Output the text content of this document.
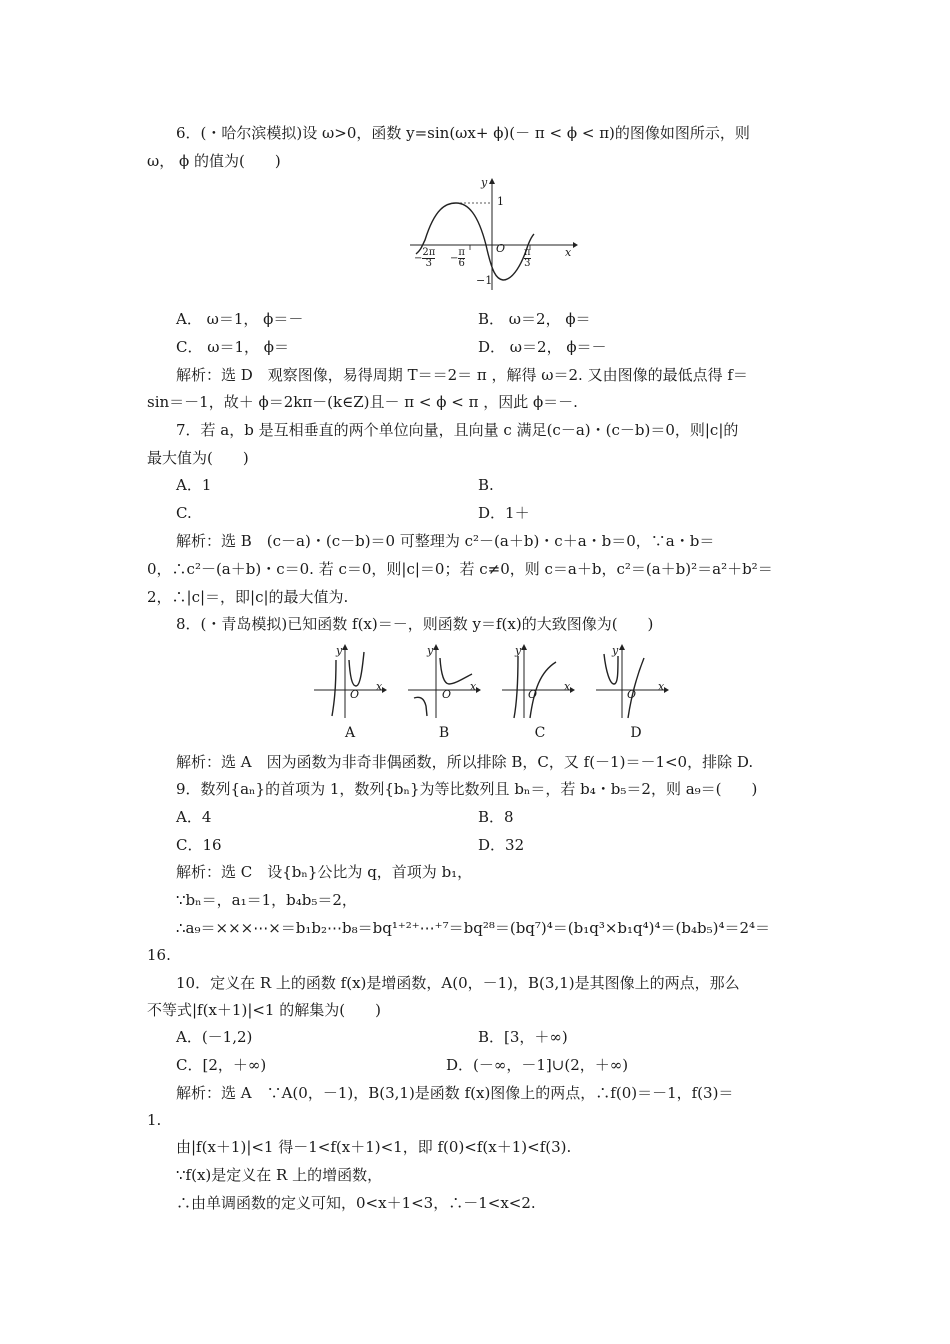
6．(・哈尔滨模拟)设 ω>0，函数 y=sin(ωx+ ϕ)(－ π < ϕ < π)的图像如图所示，则
ω， ϕ 的值为(　　)
y
x
O
1
−1
− $\frac{2\pi}{3} - \frac{\pi}{6}$	$\frac{\pi}{3}$
A． ω＝1， ϕ＝－	B． ω＝2， ϕ＝
C． ω＝1， ϕ＝	D． ω＝2， ϕ＝－
解析：选 D　观察图像，易得周期 T＝＝2＝ π ，解得 ω＝2. 又由图像的最低点得 f＝
sin＝－1，故＋ ϕ＝2kπ－(k∈Z)且－ π < ϕ < π ，因此 ϕ＝－.
7．若 a，b 是互相垂直的两个单位向量，且向量 c 满足(c－a)・(c－b)＝0，则|c|的
最大值为(　　)
A．1	B.
C.	D．1＋
解析：选 B　(c－a)・(c－b)＝0 可整理为 c²－(a＋b)・c＋a・b＝0，∵a・b＝
0，∴c²－(a＋b)・c＝0. 若 c＝0，则|c|＝0；若 c≠0，则 c＝a＋b，c²＝(a＋b)²＝a²＋b²＝
2，∴|c|＝，即|c|的最大值为.
8．(・青岛模拟)已知函数 f(x)＝－，则函数 y＝f(x)的大致图像为(　　)
y
O
x
y
O
x
y
O
x
y
O
x
A	B	C	D
解析：选 A　因为函数为非奇非偶函数，所以排除 B，C，又 f(－1)＝－1<0，排除 D.
9．数列{aₙ}的首项为 1，数列{bₙ}为等比数列且 bₙ＝，若 b₄・b₅＝2，则 a₉＝(　　)
A．4	B．8
C．16	D．32
解析：选 C　设{bₙ}公比为 q，首项为 b₁，
∵bₙ＝，a₁＝1，b₄b₅＝2，
∴a₉＝×××⋯×＝b₁b₂⋯b₈＝bq¹⁺²⁺⋯⁺⁷＝bq²⁸＝(bq⁷)⁴＝(b₁q³×b₁q⁴)⁴＝(b₄b₅)⁴＝2⁴＝
16.
10．定义在 R 上的函数 f(x)是增函数，A(0，－1)，B(3,1)是其图像上的两点，那么
不等式|f(x＋1)|<1 的解集为(　　)
A．(－1,2)	B．[3，＋∞)
C．[2，＋∞)	D．(－∞，－1]∪(2，＋∞)
解析：选 A　∵A(0，－1)，B(3,1)是函数 f(x)图像上的两点，∴f(0)＝－1，f(3)＝
1.
由|f(x＋1)|<1 得－1<f(x＋1)<1，即 f(0)<f(x＋1)<f(3).
∵f(x)是定义在 R 上的增函数，
∴由单调函数的定义可知，0<x＋1<3，∴－1<x<2.
